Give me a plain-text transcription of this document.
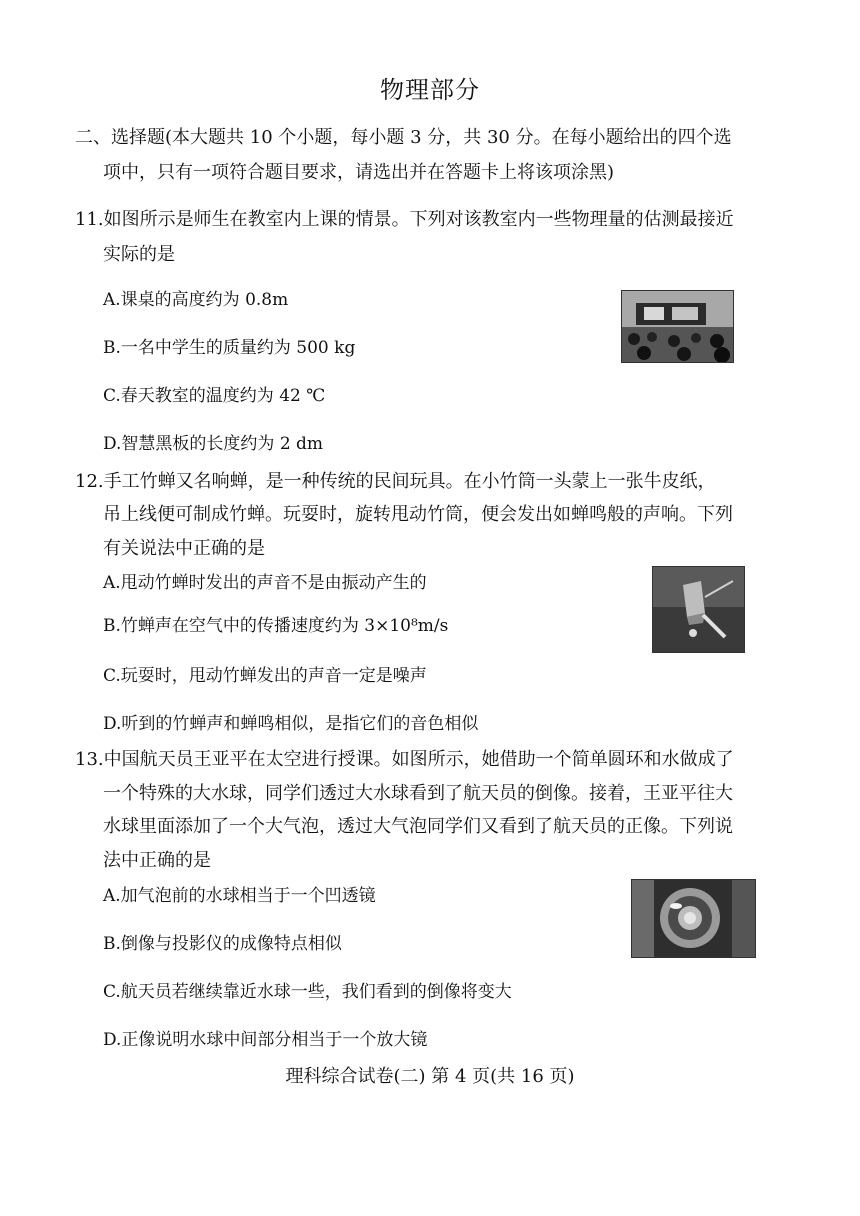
物理部分
二、选择题(本大题共 10 个小题，每小题 3 分，共 30 分。在每小题给出的四个选
项中，只有一项符合题目要求，请选出并在答题卡上将该项涂黑)
11.如图所示是师生在教室内上课的情景。下列对该教室内一些物理量的估测最接近
实际的是
A.课桌的高度约为 0.8m
B.一名中学生的质量约为 500 kg
C.春天教室的温度约为 42 ℃
D.智慧黑板的长度约为 2 dm
12.手工竹蝉又名响蝉，是一种传统的民间玩具。在小竹筒一头蒙上一张牛皮纸，
吊上线便可制成竹蝉。玩耍时，旋转甩动竹筒，便会发出如蝉鸣般的声响。下列
有关说法中正确的是
A.甩动竹蝉时发出的声音不是由振动产生的
B.竹蝉声在空气中的传播速度约为 3×10⁸m/s
C.玩耍时，甩动竹蝉发出的声音一定是噪声
D.听到的竹蝉声和蝉鸣相似，是指它们的音色相似
13.中国航天员王亚平在太空进行授课。如图所示，她借助一个简单圆环和水做成了
一个特殊的大水球，同学们透过大水球看到了航天员的倒像。接着，王亚平往大
水球里面添加了一个大气泡，透过大气泡同学们又看到了航天员的正像。下列说
法中正确的是
A.加气泡前的水球相当于一个凹透镜
B.倒像与投影仪的成像特点相似
C.航天员若继续靠近水球一些，我们看到的倒像将变大
D.正像说明水球中间部分相当于一个放大镜
理科综合试卷(二) 第 4 页(共 16 页)
